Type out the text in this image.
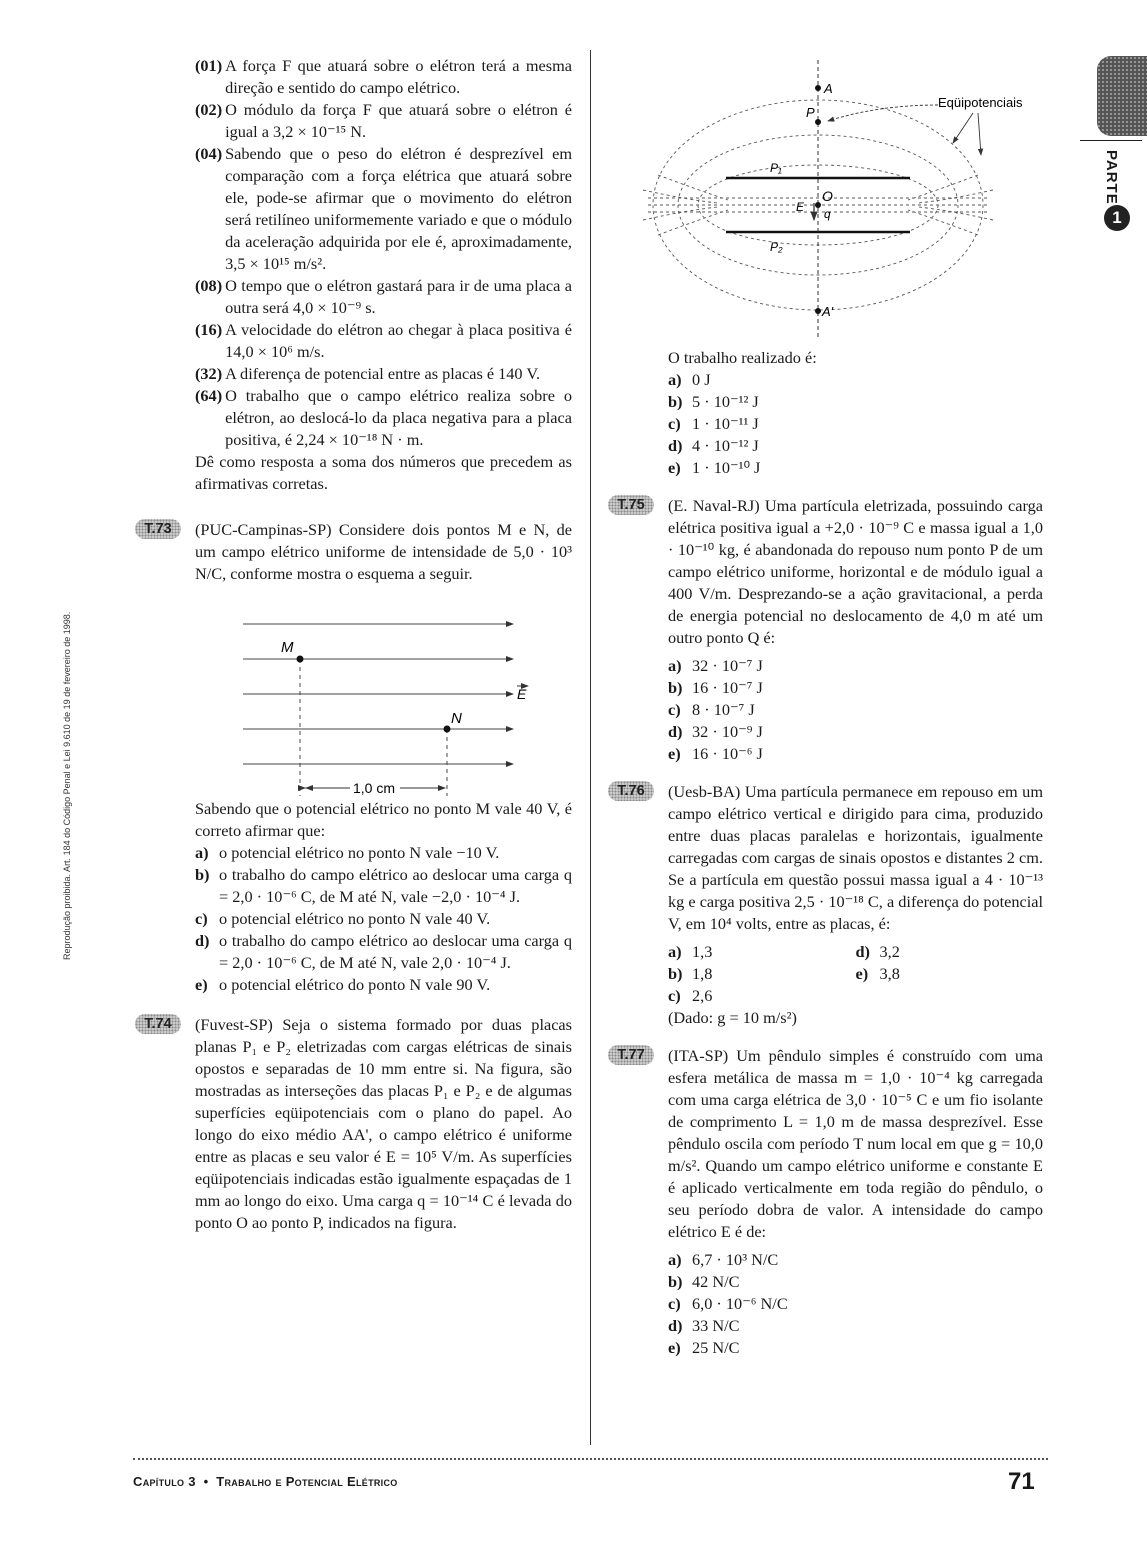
(01) A força F que atuará sobre o elétron terá a mesma direção e sentido do campo elétrico.
(02) O módulo da força F que atuará sobre o elétron é igual a 3,2 × 10⁻¹⁵ N.
(04) Sabendo que o peso do elétron é desprezível em comparação com a força elétrica que atuará sobre ele, pode-se afirmar que o movimento do elétron será retilíneo uniformemente variado e que o módulo da aceleração adquirida por ele é, aproximadamente, 3,5 × 10¹⁵ m/s².
(08) O tempo que o elétron gastará para ir de uma placa a outra será 4,0 × 10⁻⁹ s.
(16) A velocidade do elétron ao chegar à placa positiva é 14,0 × 10⁶ m/s.
(32) A diferença de potencial entre as placas é 140 V.
(64) O trabalho que o campo elétrico realiza sobre o elétron, ao deslocá-lo da placa negativa para a placa positiva, é 2,24 × 10⁻¹⁸ N · m.
Dê como resposta a soma dos números que precedem as afirmativas corretas.
T.73	(PUC-Campinas-SP) Considere dois pontos M e N, de um campo elétrico uniforme de intensidade de 5,0 · 10³ N/C, conforme mostra o esquema a seguir.
M
N
E
1,0 cm
Sabendo que o potencial elétrico no ponto M vale 40 V, é correto afirmar que:
a) o potencial elétrico no ponto N vale −10 V.
b) o trabalho do campo elétrico ao deslocar uma carga q = 2,0 · 10⁻⁶ C, de M até N, vale −2,0 · 10⁻⁴ J.
c) o potencial elétrico no ponto N vale 40 V.
d) o trabalho do campo elétrico ao deslocar uma carga q = 2,0 · 10⁻⁶ C, de M até N, vale 2,0 · 10⁻⁴ J.
e) o potencial elétrico do ponto N vale 90 V.
T.74	(Fuvest-SP) Seja o sistema formado por duas placas planas P₁ e P₂ eletrizadas com cargas elétricas de sinais opostos e separadas de 10 mm entre si. Na figura, são mostradas as interseções das placas P₁ e P₂ e de algumas superfícies eqüipotenciais com o plano do papel. Ao longo do eixo médio AA', o campo elétrico é uniforme entre as placas e seu valor é E = 10⁵ V/m. As superfícies eqüipotenciais indicadas estão igualmente espaçadas de 1 mm ao longo do eixo. Uma carga q = 10⁻¹⁴ C é levada do ponto O ao ponto P, indicados na figura.
A
P
P₁
P₂
O
E q
A'
Eqüipotenciais
O trabalho realizado é:
a) 0 J
b) 5 · 10⁻¹² J
c) 1 · 10⁻¹¹ J
d) 4 · 10⁻¹² J
e) 1 · 10⁻¹⁰ J
T.75	(E. Naval-RJ) Uma partícula eletrizada, possuindo carga elétrica positiva igual a +2,0 · 10⁻⁹ C e massa igual a 1,0 · 10⁻¹⁰ kg, é abandonada do repouso num ponto P de um campo elétrico uniforme, horizontal e de módulo igual a 400 V/m. Desprezando-se a ação gravitacional, a perda de energia potencial no deslocamento de 4,0 m até um outro ponto Q é:
a) 32 · 10⁻⁷ J
b) 16 · 10⁻⁷ J
c) 8 · 10⁻⁷ J
d) 32 · 10⁻⁹ J
e) 16 · 10⁻⁶ J
T.76	(Uesb-BA) Uma partícula permanece em repouso em um campo elétrico vertical e dirigido para cima, produzido entre duas placas paralelas e horizontais, igualmente carregadas com cargas de sinais opostos e distantes 2 cm. Se a partícula em questão possui massa igual a 4 · 10⁻¹³ kg e carga positiva 2,5 · 10⁻¹⁸ C, a diferença do potencial V, em 10⁴ volts, entre as placas, é:
a) 1,3	d) 3,2
b) 1,8	e) 3,8
c) 2,6
(Dado: g = 10 m/s²)
T.77	(ITA-SP) Um pêndulo simples é construído com uma esfera metálica de massa m = 1,0 · 10⁻⁴ kg carregada com uma carga elétrica de 3,0 · 10⁻⁵ C e um fio isolante de comprimento L = 1,0 m de massa desprezível. Esse pêndulo oscila com período T num local em que g = 10,0 m/s². Quando um campo elétrico uniforme e constante E é aplicado verticalmente em toda região do pêndulo, o seu período dobra de valor. A intensidade do campo elétrico E é de:
a) 6,7 · 10³ N/C
b) 42 N/C
c) 6,0 · 10⁻⁶ N/C
d) 33 N/C
e) 25 N/C
PARTE
1
Reprodução proibida. Art. 184 do Código Penal e Lei 9.610 de 19 de fevereiro de 1998.
Capítulo 3 • Trabalho e Potencial Elétrico	71
